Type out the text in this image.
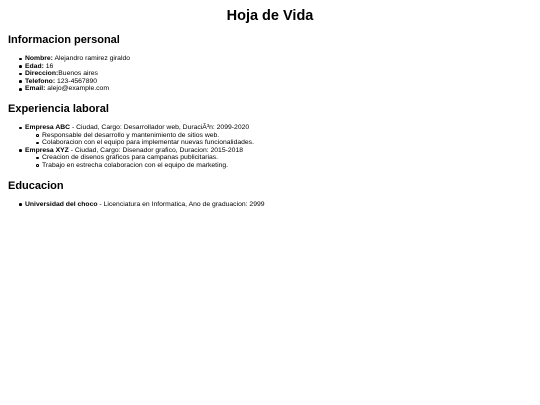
Hoja de Vida
Informacion personal
Nombre: Alejandro ramirez giraldo
Edad: 16
Direccion:Buenos aires
Telefono: 123-4567890
Email: alejo@example.com
Experiencia laboral
Empresa ABC - Ciudad, Cargo: Desarrollador web, DuraciÃ³n: 2099-2020
Responsable del desarrollo y mantenimiento de sitios web.
Colaboracion con el equipo para implementar nuevas funcionalidades.
Empresa XYZ - Ciudad, Cargo: Disenador grafico, Duracion: 2015-2018
Creacion de disenos graficos para campanas publicitarias.
Trabajo en estrecha colaboracion con el equipo de marketing.
Educacion
Universidad del choco - Licenciatura en Informatica, Ano de graduacion: 2999
